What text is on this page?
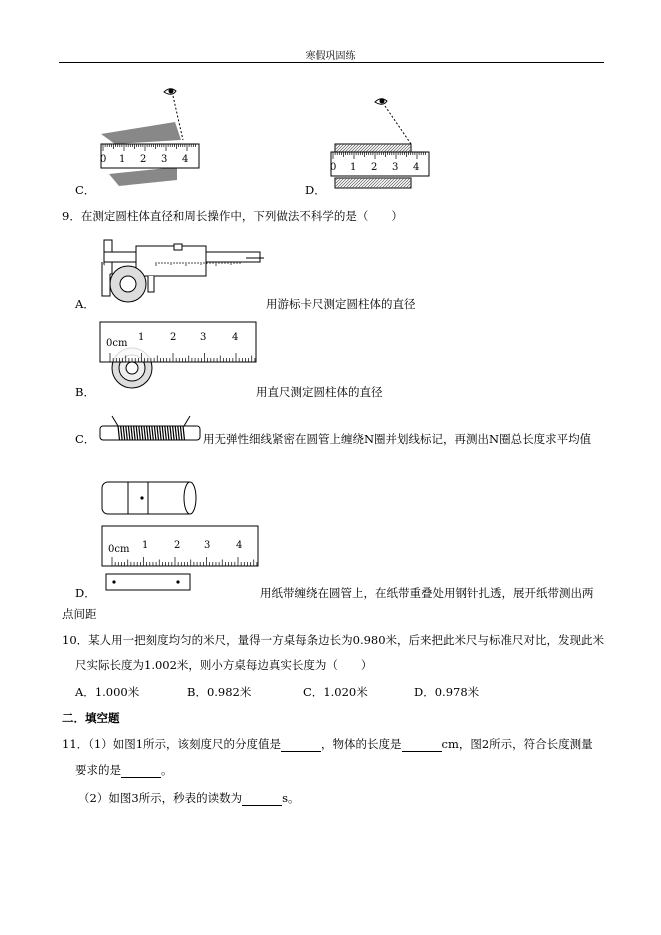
寒假巩固练
0 1 2 3 4
C．
0 1 2 3 4
D．
9．在测定圆柱体直径和周长操作中，下列做法不科学的是（　　）
A．	用游标卡尺测定圆柱体的直径
0cm
1	2 3	4
B．	用直尺测定圆柱体的直径
C．	用无弹性细线紧密在圆管上缠绕N圈并划线标记，再测出N圈总长度求平均值
0cm 1	2 3	4
D．	用纸带缠绕在圆管上，在纸带重叠处用钢针扎透，展开纸带测出两
点间距
10．某人用一把刻度均匀的米尺，量得一方桌每条边长为0.980米，后来把此米尺与标准尺对比，发现此米
尺实际长度为1.002米，则小方桌每边真实长度为（　　）
A．1.000米	B．0.982米	C．1.020米	D．0.978米
二．填空题
11．（1）如图1所示，该刻度尺的分度值是	，物体的长度是	cm，图2所示，符合长度测量
要求的是	。
（2）如图3所示，秒表的读数为	s。
